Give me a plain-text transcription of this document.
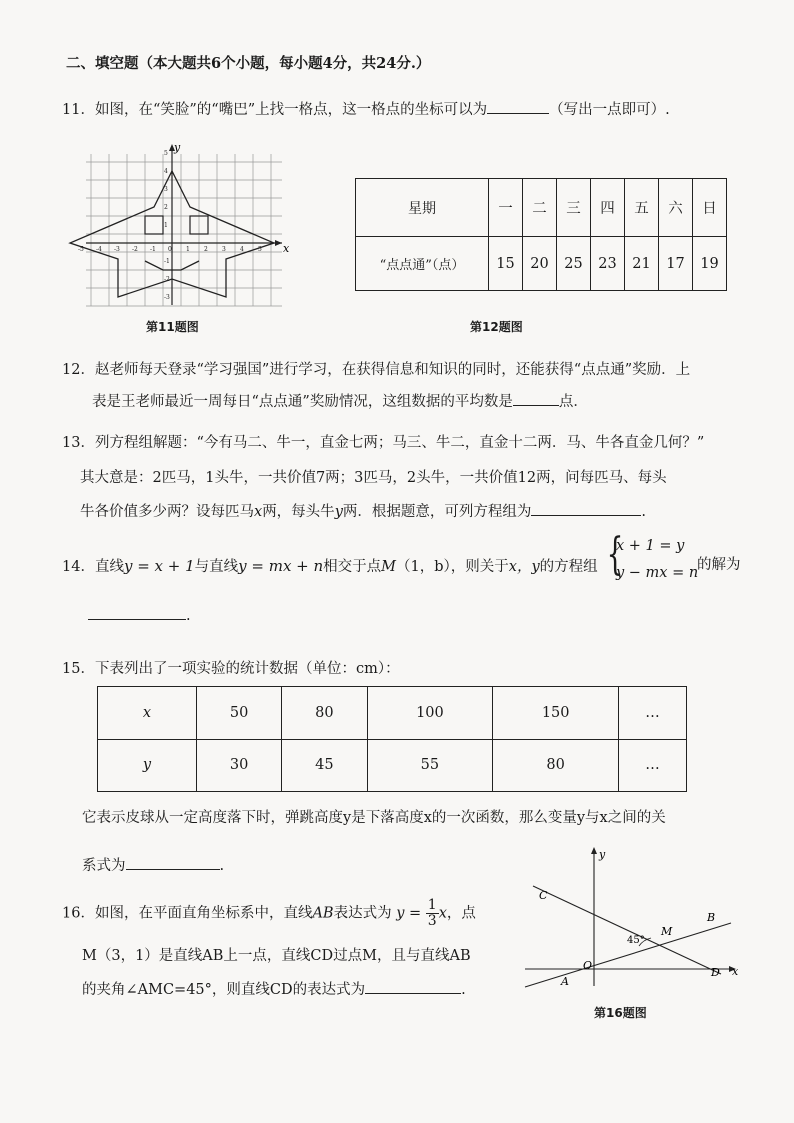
二、填空题（本大题共6个小题，每小题4分，共24分.）
11．如图，在“笑脸”的“嘴巴”上找一格点，这一格点的坐标可以为	（写出一点即可）.
y
x
-5 -4 -3 -2 -1 0 1 2 3 4 5
5
4
3
2
1
-1
-2
-3
第11题图
星期	一	二	三	四	五	六	日
“点点通”（点）	15	20	25	23	21	17	19
第12题图
12．赵老师每天登录“学习强国”进行学习，在获得信息和知识的同时，还能获得“点点通”奖励．上
表是王老师最近一周每日“点点通”奖励情况，这组数据的平均数是	点．
13．列方程组解题：“今有马二、牛一，直金七两；马三、牛二，直金十二两．马、牛各直金几何？”
其大意是：2匹马，1头牛，一共价值7两；3匹马，2头牛，一共价值12两，问每匹马、每头
牛各价值多少两？设每匹马x两，每头牛y两．根据题意，可列方程组为	.
14．直线y = x + 1与直线y = mx + n相交于点M（1，b），则关于x，y的方程组 {
x + 1 = y
y − mx = n
的解为
.
15．下表列出了一项实验的统计数据（单位：cm）：
x	50	80	100	150	…
y	30	45	55	80	…
它表示皮球从一定高度落下时，弹跳高度y是下落高度x的一次函数，那么变量y与x之间的关
系式为	.
16．如图，在平面直角坐标系中，直线AB表达式为 $y = \frac{1}{3}$ x，点
M（3，1）是直线AB上一点，直线CD过点M，且与直线AB
的夹角∠AMC=45°，则直线CD的表达式为	.
C
B
M
45°
A
O
D
y
x
第16题图
